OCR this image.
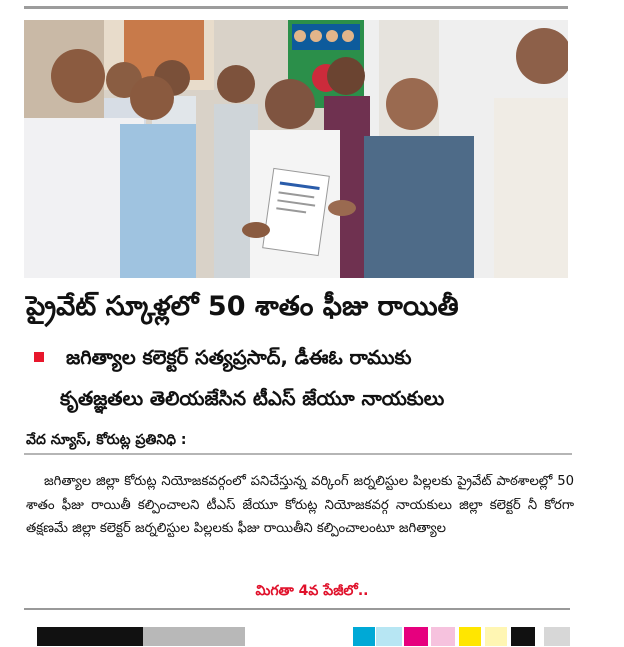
ప్రైవేట్ స్కూళ్లలో 50 శాతం ఫీజు రాయితీ
జగిత్యాల కలెక్టర్ సత్యప్రసాద్, డీఈఓ రాముకు
కృతజ్ఞతలు తెలియజేసిన టీఎస్ జేయూ నాయకులు
వేద న్యూస్, కోరుట్ల ప్రతినిధి :

జగిత్యాల జిల్లా కోరుట్ల నియోజకవర్గంలో పనిచేస్తున్న వర్కింగ్ జర్నలిస్టుల పిల్లలకు ప్రైవేట్ పాఠశాలల్లో 50 శాతం ఫీజు రాయితీ కల్పించాలని టీఎస్ జేయూ కోరుట్ల నియోజకవర్గ నాయకులు జిల్లా కలెక్టర్ నీ కోరగా తక్షణమే జిల్లా కలెక్టర్ జర్నలిస్టుల పిల్లలకు ఫీజు రాయితీని కల్పించాలంటూ జగిత్యాల

మిగతా 4వ పేజీలో..
